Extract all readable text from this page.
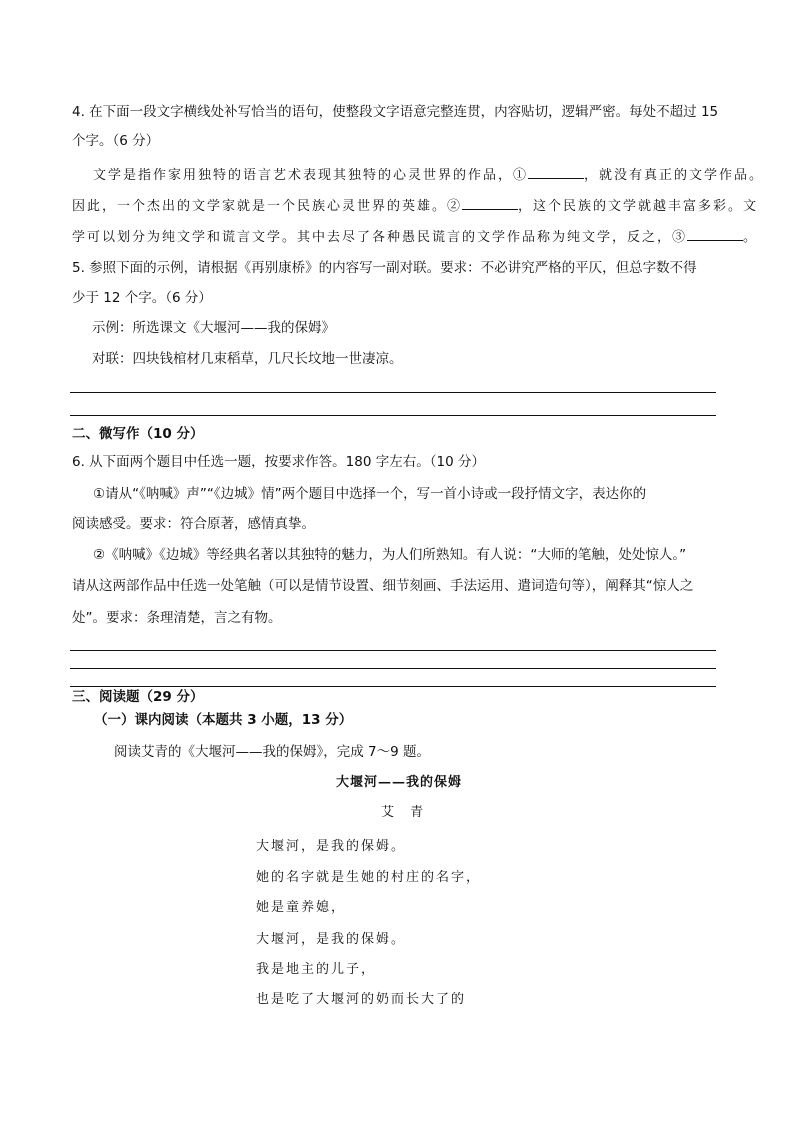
4. 在下面一段文字横线处补写恰当的语句，使整段文字语意完整连贯，内容贴切，逻辑严密。每处不超过 15
个字。（6 分）
文学是指作家用独特的语言艺术表现其独特的心灵世界的作品，①	，就没有真正的文学作品。
因此，一个杰出的文学家就是一个民族心灵世界的英雄。②	，这个民族的文学就越丰富多彩。文
学可以划分为纯文学和谎言文学。其中去尽了各种愚民谎言的文学作品称为纯文学，反之，③	。
5. 参照下面的示例，请根据《再别康桥》的内容写一副对联。要求：不必讲究严格的平仄，但总字数不得
少于 12 个字。（6 分）
示例：所选课文《大堰河——我的保姆》
对联：四块钱棺材几束稻草，几尺长坟地一世凄凉。
二、微写作（10 分）
6. 从下面两个题目中任选一题，按要求作答。180 字左右。（10 分）
①请从“《呐喊》声”“《边城》情”两个题目中选择一个，写一首小诗或一段抒情文字，表达你的
阅读感受。要求：符合原著，感情真挚。
②《呐喊》《边城》等经典名著以其独特的魅力，为人们所熟知。有人说：“大师的笔触，处处惊人。”
请从这两部作品中任选一处笔触（可以是情节设置、细节刻画、手法运用、遣词造句等），阐释其“惊人之
处”。要求：条理清楚，言之有物。
三、阅读题（29 分）
（一）课内阅读（本题共 3 小题，13 分）
阅读艾青的《大堰河——我的保姆》，完成 7～9 题。
大堰河——我的保姆
艾 青
大堰河，是我的保姆。
她的名字就是生她的村庄的名字，
她是童养媳，
大堰河，是我的保姆。
我是地主的儿子，
也是吃了大堰河的奶而长大了的
